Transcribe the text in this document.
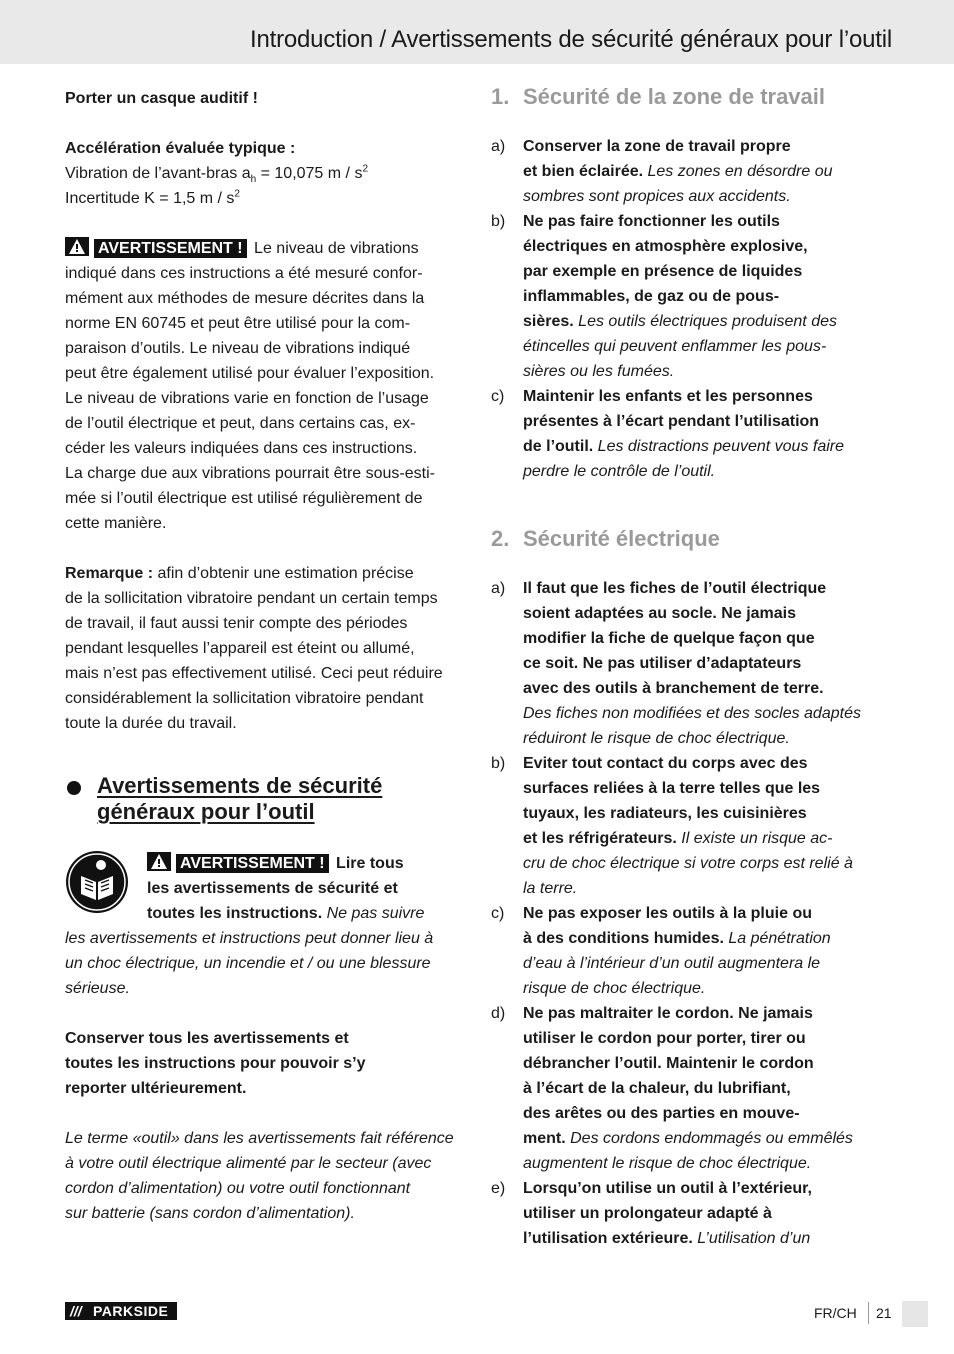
Introduction / Avertissements de sécurité généraux pour l’outil

Porter un casque auditif !

Accélération évaluée typique :

Vibration de l’avant-bras $a_h = 10,075$ m / $s^2$

Incertitude K = 1,5 m / $s^2$

AVERTISSEMENT ! Le niveau de vibrations

indiqué dans ces instructions a été mesuré confor-

mément aux méthodes de mesure décrites dans la

norme EN 60745 et peut être utilisé pour la com-

paraison d’outils. Le niveau de vibrations indiqué

peut être également utilisé pour évaluer l’exposition.

Le niveau de vibrations varie en fonction de l’usage

de l’outil électrique et peut, dans certains cas, ex-

céder les valeurs indiquées dans ces instructions.

La charge due aux vibrations pourrait être sous-esti-

mée si l’outil électrique est utilisé régulièrement de

cette manière.

Remarque : afin d’obtenir une estimation précise

de la sollicitation vibratoire pendant un certain temps

de travail, il faut aussi tenir compte des périodes

pendant lesquelles l’appareil est éteint ou allumé,

mais n’est pas effectivement utilisé. Ceci peut réduire

considérablement la sollicitation vibratoire pendant

toute la durée du travail.

Avertissements de sécurité
généraux pour l’outil

AVERTISSEMENT ! Lire tous

les avertissements de sécurité et

toutes les instructions. Ne pas suivre

les avertissements et instructions peut donner lieu à

un choc électrique, un incendie et / ou une blessure

sérieuse.

Conserver tous les avertissements et

toutes les instructions pour pouvoir s’y

reporter ultérieurement.

Le terme «outil» dans les avertissements fait référence

à votre outil électrique alimenté par le secteur (avec

cordon d’alimentation) ou votre outil fonctionnant

sur batterie (sans cordon d’alimentation).

1. Sécurité de la zone de travail
a)	Conserver la zone de travail propre

et bien éclairée. Les zones en désordre ou

sombres sont propices aux accidents.

b)	Ne pas faire fonctionner les outils

électriques en atmosphère explosive,

par exemple en présence de liquides

inflammables, de gaz ou de pous-

sières. Les outils électriques produisent des

étincelles qui peuvent enflammer les pous-

sières ou les fumées.

c)	Maintenir les enfants et les personnes

présentes à l’écart pendant l’utilisation

de l’outil. Les distractions peuvent vous faire

perdre le contrôle de l’outil.

2. Sécurité électrique
a)	Il faut que les fiches de l’outil électrique

soient adaptées au socle. Ne jamais

modifier la fiche de quelque façon que

ce soit. Ne pas utiliser d’adaptateurs

avec des outils à branchement de terre.

Des fiches non modifiées et des socles adaptés

réduiront le risque de choc électrique.

b)	Eviter tout contact du corps avec des

surfaces reliées à la terre telles que les

tuyaux, les radiateurs, les cuisinières

et les réfrigérateurs. Il existe un risque ac-

cru de choc électrique si votre corps est relié à

la terre.

c)	Ne pas exposer les outils à la pluie ou

à des conditions humides. La pénétration

d’eau à l’intérieur d’un outil augmentera le

risque de choc électrique.

d)	Ne pas maltraiter le cordon. Ne jamais

utiliser le cordon pour porter, tirer ou

débrancher l’outil. Maintenir le cordon

à l’écart de la chaleur, du lubrifiant,

des arêtes ou des parties en mouve-

ment. Des cordons endommagés ou emmêlés

augmentent le risque de choc électrique.

e)	Lorsqu’on utilise un outil à l’extérieur,

utiliser un prolongateur adapté à

l’utilisation extérieure. L’utilisation d’un

/// PARKSIDE	FR/CH 21
